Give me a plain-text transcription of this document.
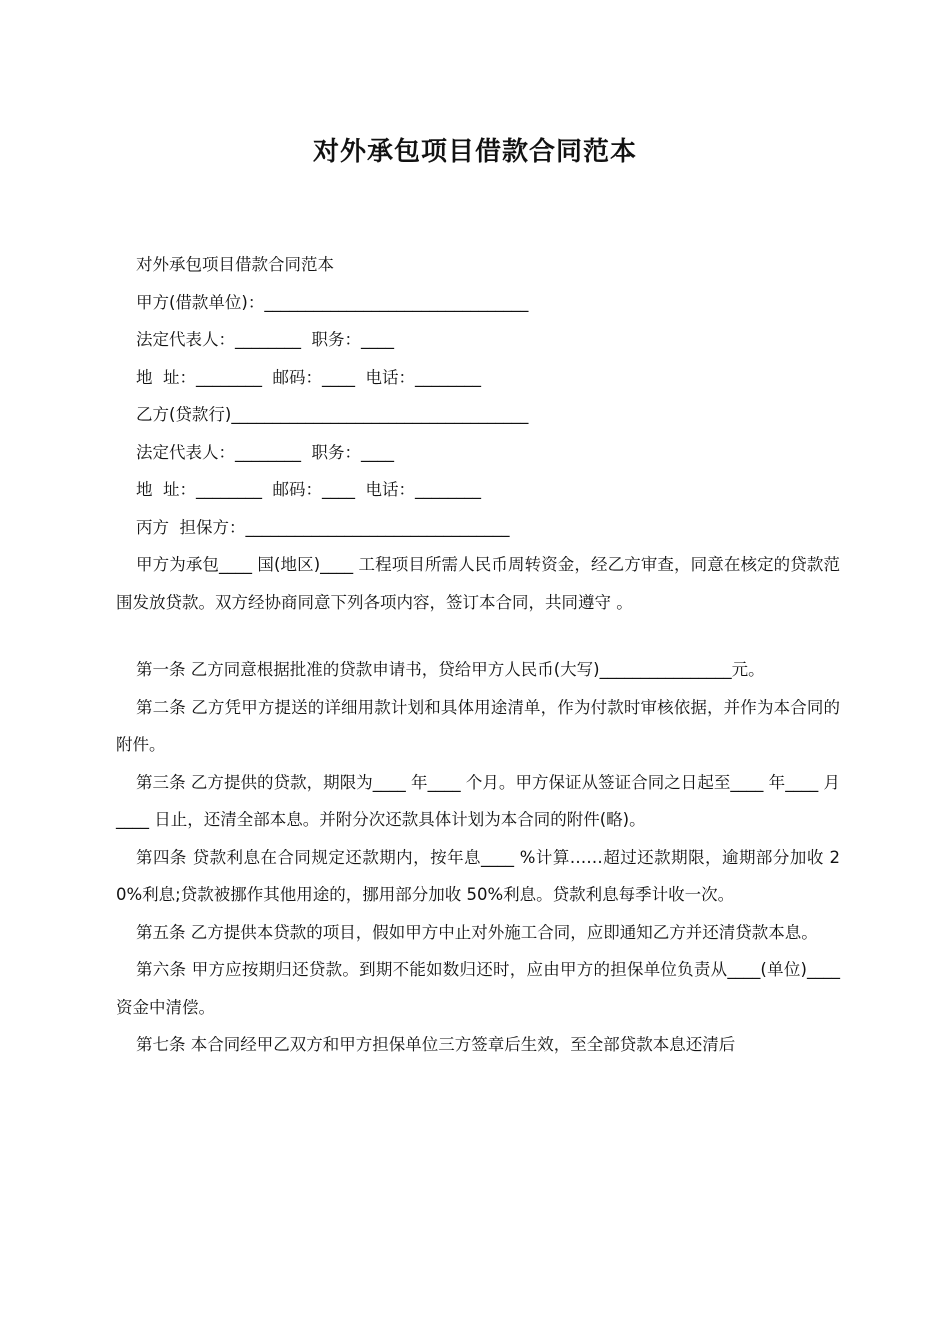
对外承包项目借款合同范本
对外承包项目借款合同范本
甲方(借款单位)：________________________________
法定代表人：________  职务：____
地  址：________  邮码：____  电话：________
乙方(贷款行)____________________________________
法定代表人：________  职务：____
地  址：________  邮码：____  电话：________
丙方  担保方：________________________________

甲方为承包____ 国(地区)____ 工程项目所需人民币周转资金，经乙方审查，同意在核定的贷款范围发放贷款。双方经协商同意下列各项内容，签订本合同，共同遵守 。

第一条 乙方同意根据批准的贷款申请书，贷给甲方人民币(大写)________________元。

第二条 乙方凭甲方提送的详细用款计划和具体用途清单，作为付款时审核依据，并作为本合同的附件。

第三条 乙方提供的贷款，期限为____ 年____ 个月。甲方保证从签证合同之日起至____ 年____ 月____ 日止，还清全部本息。并附分次还款具体计划为本合同的附件(略)。

第四条 贷款利息在合同规定还款期内，按年息____ %计算……超过还款期限，逾期部分加收 20%利息;贷款被挪作其他用途的，挪用部分加收 50%利息。贷款利息每季计收一次。

第五条 乙方提供本贷款的项目，假如甲方中止对外施工合同，应即通知乙方并还清贷款本息。

第六条 甲方应按期归还贷款。到期不能如数归还时，应由甲方的担保单位负责从____(单位)____ 资金中清偿。

第七条 本合同经甲乙双方和甲方担保单位三方签章后生效，至全部贷款本息还清后
